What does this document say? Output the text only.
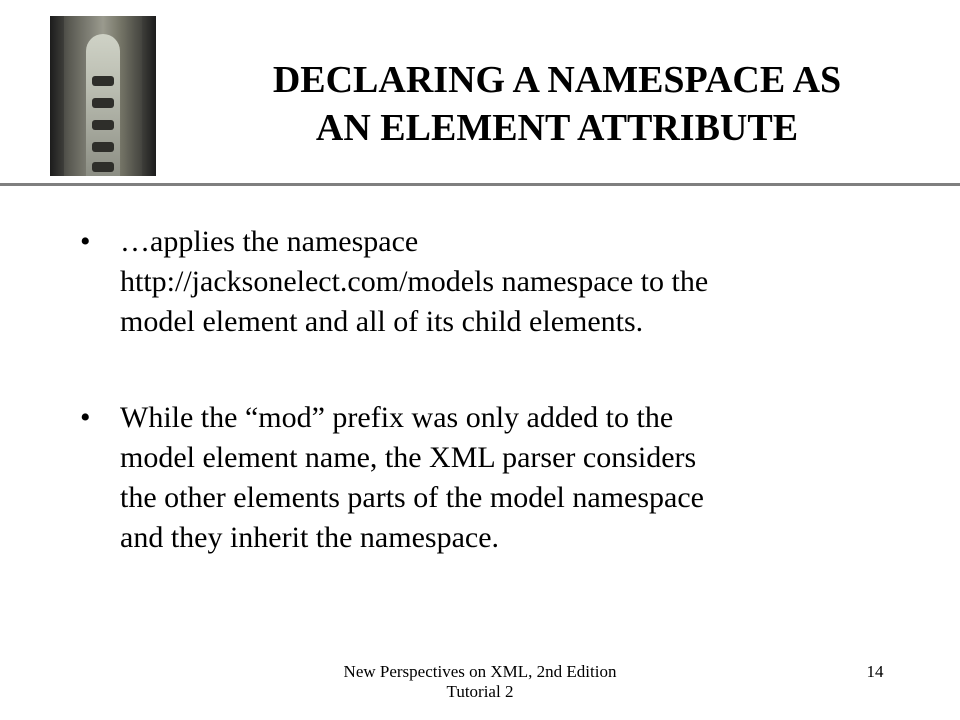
DECLARING A NAMESPACE AS
AN ELEMENT ATTRIBUTE
• …applies the namespace
http://jacksonelect.com/models namespace to the
model element and all of its child elements.
• While the “mod” prefix was only added to the
model element name, the XML parser considers
the other elements parts of the model namespace
and they inherit the namespace.
New Perspectives on XML, 2nd Edition
Tutorial 2
14
